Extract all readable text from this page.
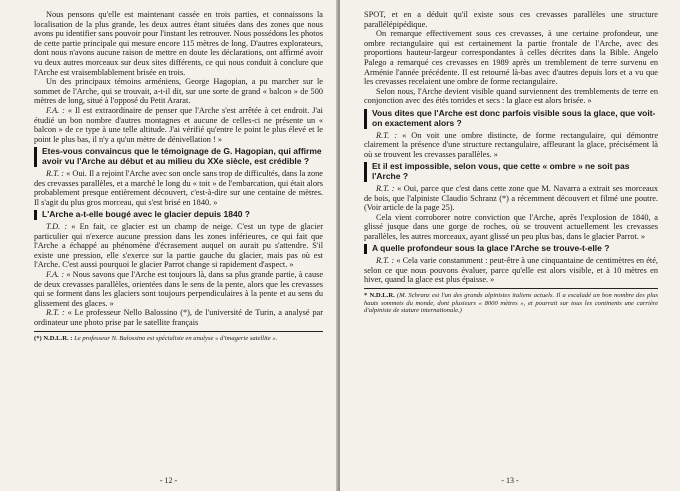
Nous pensons qu'elle est maintenant cassée en trois parties, et connaissons la localisation de la plus grande, les deux autres étant situées dans des zones que nous avons pu identifier sans pouvoir pour l'instant les retrouver. Nous possédons les photos de cette partie principale qui mesure encore 115 mètres de long. D'autres explorateurs, dont nous n'avons aucune raison de mettre en doute les déclarations, ont affirmé avoir vu deux autres morceaux sur deux sites différents, ce qui nous conduit à conclure que l'Arche est vraisemblablement brisée en trois.

Un des principaux témoins arméniens, George Hagopian, a pu marcher sur le sommet de l'Arche, qui se trouvait, a-t-il dit, sur une sorte de grand « balcon » de 500 mètres de long, situé à l'opposé du Petit Ararat.

F.A. : « Il est extraordinaire de penser que l'Arche s'est arrêtée à cet endroit. J'ai étudié un bon nombre d'autres montagnes et aucune de celles-ci ne présente un « balcon » de ce type à une telle altitude. J'ai vérifié qu'entre le point le plus élevé et le point le plus bas, il n'y a qu'un mètre de dénivellation ! »

Etes-vous convaincus que le témoignage de G. Hagopian, qui affirme avoir vu l'Arche au début et au milieu du XXe siècle, est crédible ?

R.T. : « Oui. Il a rejoint l'Arche avec son oncle sans trop de difficultés, dans la zone des crevasses parallèles, et a marché le long du « toit » de l'embarcation, qui était alors probablement presque entièrement découvert, c'est-à-dire sur une centaine de mètres. Il s'agit du plus gros morceau, qui s'est brisé en 1840. »

L'Arche a-t-elle bougé avec le glacier depuis 1840 ?

T.D. : « En fait, ce glacier est un champ de neige. C'est un type de glacier particulier qui n'exerce aucune pression dans les zones inférieures, ce qui fait que l'Arche a échappé au phénomène d'écrasement auquel on aurait pu s'attendre. S'il existe une pression, elle s'exerce sur la partie gauche du glacier, mais pas où est l'Arche. C'est aussi pourquoi le glacier Parrot change si rapidement d'aspect. »

F.A. : « Nous savons que l'Arche est toujours là, dans sa plus grande partie, à cause de deux crevasses parallèles, orientées dans le sens de la pente, alors que les crevasses qui se forment dans les glaciers sont toujours perpendiculaires à la pente et au sens du glissement des glaces. »

R.T. : « Le professeur Nello Balossino (*), de l'université de Turin, a analysé par ordinateur une photo prise par le satellite français

(*) N.D.L.R. : Le professeur N. Balossino est spécialiste en analyse « d'imagerie satellite ».
- 12 -

SPOT, et en a déduit qu'il existe sous ces crevasses parallèles une structure parallélépipédique.

On remarque effectivement sous ces crevasses, à une certaine profondeur, une ombre rectangulaire qui est certainement la partie frontale de l'Arche, avec des proportions hauteur-largeur correspondantes à celles décrites dans la Bible. Angelo Palego a remarqué ces crevasses en 1989 après un tremblement de terre survenu en Arménie l'année précédente. Il est retourné là-bas avec d'autres depuis lors et a vu que les crevasses recelaient une ombre de forme rectangulaire.

Selon nous, l'Arche devient visible quand surviennent des tremblements de terre en conjonction avec des étés torrides et secs : la glace est alors brisée. »

Vous dites que l'Arche est donc parfois visible sous la glace, que voit-on exactement alors ?

R.T. : « On voit une ombre distincte, de forme rectangulaire, qui démontre clairement la présence d'une structure rectangulaire, affleurant la glace, précisément là où se trouvent les crevasses parallèles. »

Et il est impossible, selon vous, que cette « ombre » ne soit pas l'Arche ?

R.T. : « Oui, parce que c'est dans cette zone que M. Navarra a extrait ses morceaux de bois, que l'alpiniste Claudio Schranz (*) a récemment découvert et filmé une poutre. (Voir article de la page 25).

Cela vient corroborer notre conviction que l'Arche, après l'explosion de 1840, a glissé jusque dans une gorge de roches, où se trouvent actuellement les crevasses parallèles, les autres morceaux, ayant glissé un peu plus bas, dans le glacier Parrot. »

A quelle profondeur sous la glace l'Arche se trouve-t-elle ?

R.T. : « Cela varie constamment : peut-être à une cinquantaine de centimètres en été, selon ce que nous pouvons évaluer, parce qu'elle est alors visible, et à 10 mètres en hiver, quand la glace est plus épaisse. »

* N.D.L.R. (M. Schranz est l'un des grands alpinistes italiens actuels. Il a escaladé un bon nombre des plus hauts sommets du monde, dont plusieurs « 8000 mètres », et pourrait sur tous les continents une carrière d'alpiniste de stature internationale.)
- 13 -
